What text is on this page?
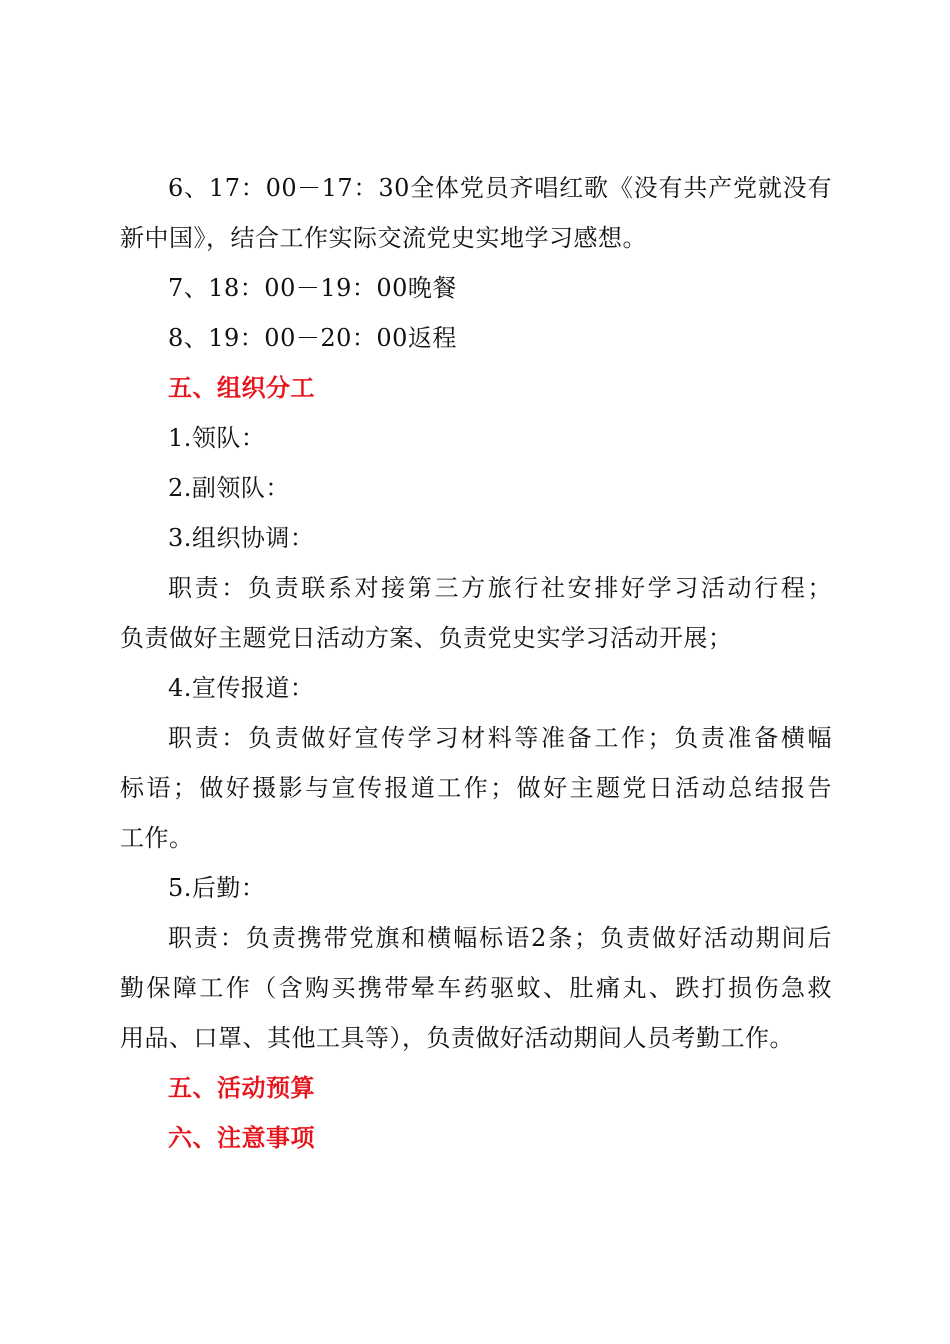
6、17：00－17：30全体党员齐唱红歌《没有共产党就没有
新中国》，结合工作实际交流党史实地学习感想。
7、18：00－19：00晚餐
8、19：00－20：00返程
五、组织分工
1.领队：
2.副领队：
3.组织协调：
职责：负责联系对接第三方旅行社安排好学习活动行程；
负责做好主题党日活动方案、负责党史实学习活动开展；
4.宣传报道：
职责：负责做好宣传学习材料等准备工作；负责准备横幅
标语；做好摄影与宣传报道工作；做好主题党日活动总结报告
工作。
5.后勤：
职责：负责携带党旗和横幅标语2条；负责做好活动期间后
勤保障工作（含购买携带晕车药驱蚊、肚痛丸、跌打损伤急救
用品、口罩、其他工具等），负责做好活动期间人员考勤工作。
五、活动预算
六、注意事项
